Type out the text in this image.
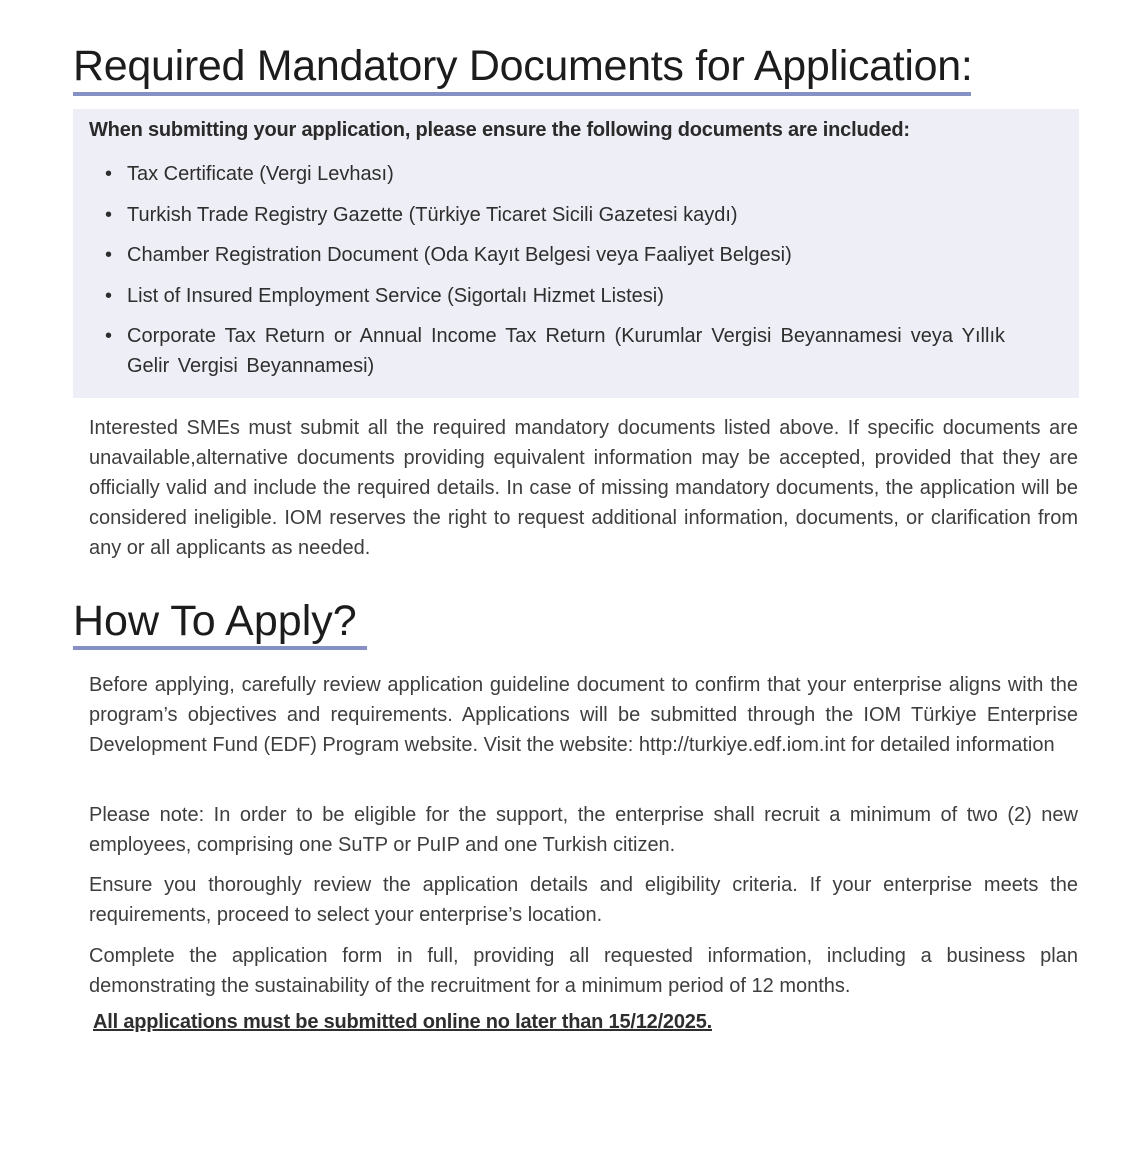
Required Mandatory Documents for Application:
When submitting your application, please ensure the following documents are included:
• Tax Certificate (Vergi Levhası)
• Turkish Trade Registry Gazette (Türkiye Ticaret Sicili Gazetesi kaydı)
• Chamber Registration Document (Oda Kayıt Belgesi veya Faaliyet Belgesi)
• List of Insured Employment Service (Sigortalı Hizmet Listesi)
• Corporate Tax Return or Annual Income Tax Return (Kurumlar Vergisi Beyannamesi veya Yıllık Gelir Vergisi Beyannamesi)

Interested SMEs must submit all the required mandatory documents listed above. If specific documents are unavailable,alternative documents providing equivalent information may be accepted, provided that they are officially valid and include the required details. In case of missing mandatory documents, the application will be considered ineligible. IOM reserves the right to request additional information, documents, or clarification from any or all applicants as needed.

How To Apply?

Before applying, carefully review application guideline document to confirm that your enterprise aligns with the program’s objectives and requirements. Applications will be submitted through the IOM Türkiye Enterprise Development Fund (EDF) Program website. Visit the website: http://turkiye.edf.iom.int for detailed information

Please note: In order to be eligible for the support, the enterprise shall recruit a minimum of two (2) new employees, comprising one SuTP or PuIP and one Turkish citizen.

Ensure you thoroughly review the application details and eligibility criteria. If your enterprise meets the requirements, proceed to select your enterprise’s location.

Complete the application form in full, providing all requested information, including a business plan demonstrating the sustainability of the recruitment for a minimum period of 12 months.

All applications must be submitted online no later than 15/12/2025.
